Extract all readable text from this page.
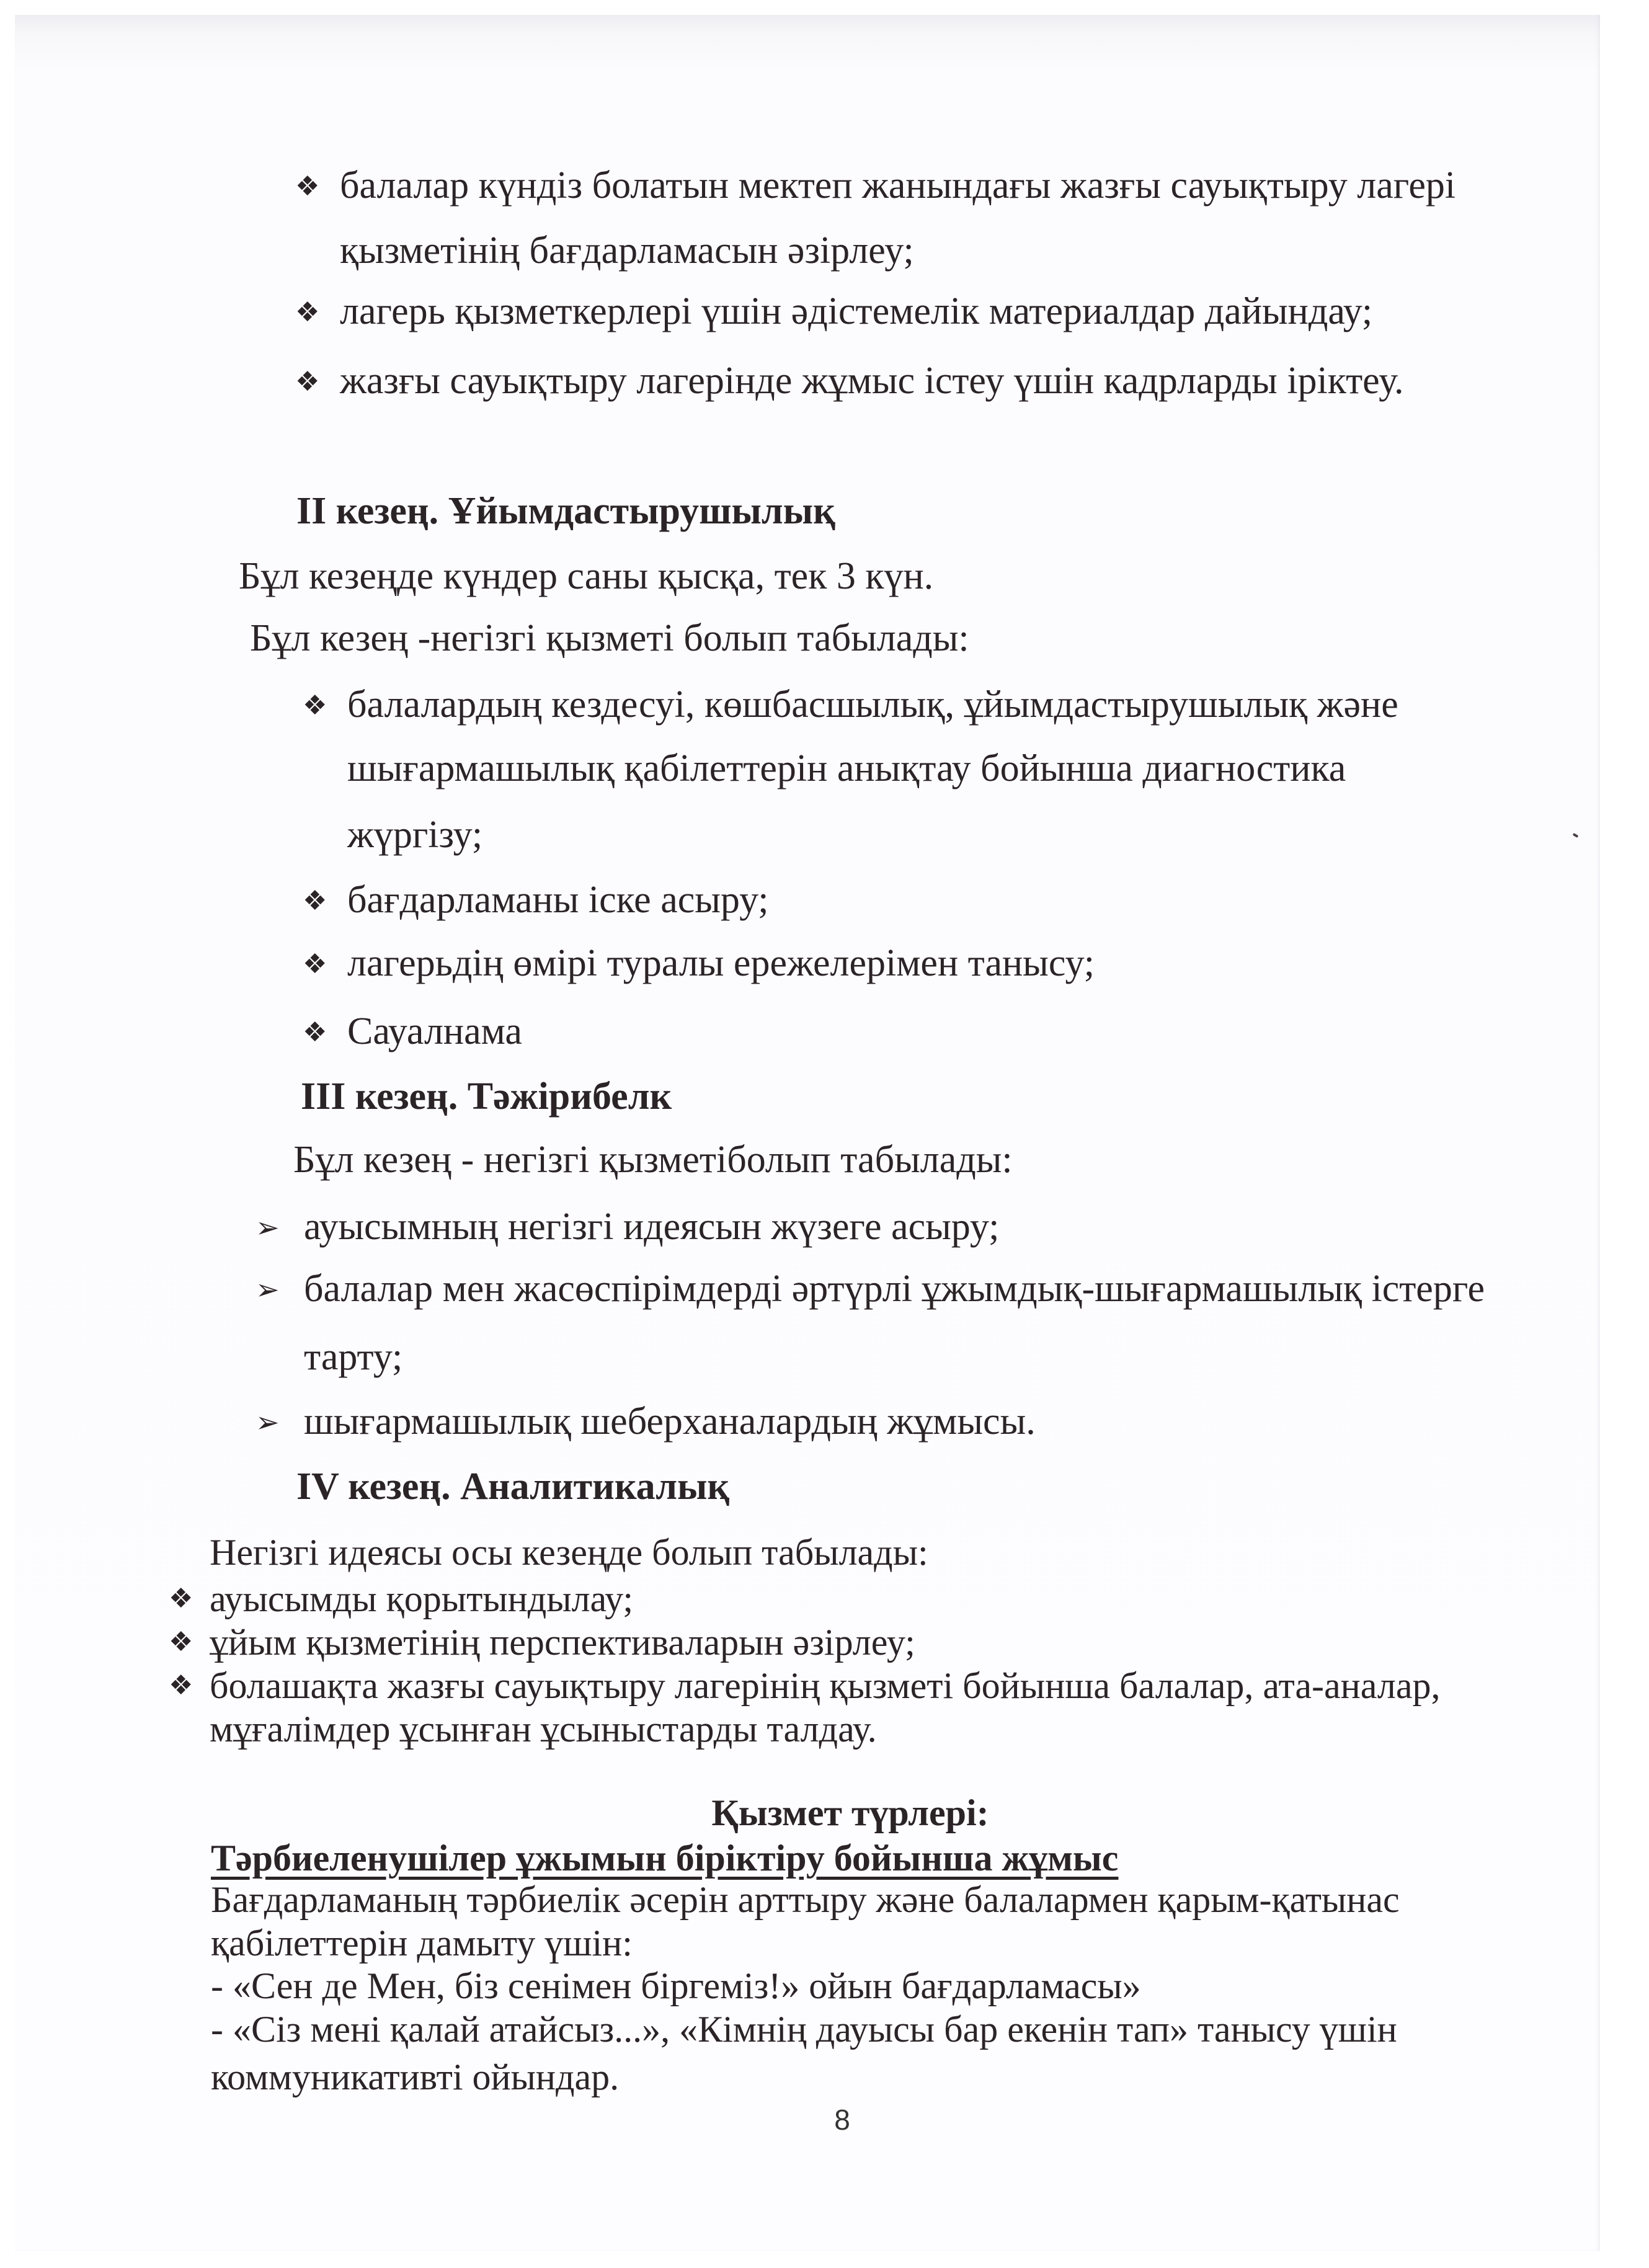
❖ балалар күндіз болатын мектеп жанындағы жазғы сауықтыру лагері
қызметінің бағдарламасын әзірлеу;
❖ лагерь қызметкерлері үшін әдістемелік материалдар дайындау;
❖ жазғы сауықтыру лагерінде жұмыс істеу үшін кадрларды іріктеу.
ІІ кезең. Ұйымдастырушылық
Бұл кезеңде күндер саны қысқа, тек 3 күн.
Бұл кезең -негізгі қызметі болып табылады:
❖ балалардың кездесуі, көшбасшылық, ұйымдастырушылық және
шығармашылық қабілеттерін анықтау бойынша диагностика
жүргізу;
❖ бағдарламаны іске асыру;
❖ лагерьдің өмірі туралы ережелерімен танысу;
❖ Сауалнама
ІІІ кезең. Тәжірибелк
Бұл кезең - негізгі қызметіболып табылады:
➢ ауысымның негізгі идеясын жүзеге асыру;
➢ балалар мен жасөспірімдерді әртүрлі ұжымдық-шығармашылық істерге
тарту;
➢ шығармашылық шеберханалардың жұмысы.
IV кезең. Аналитикалық
Негізгі идеясы осы кезеңде болып табылады:
❖ ауысымды қорытындылау;
❖ ұйым қызметінің перспективаларын әзірлеу;
❖ болашақта жазғы сауықтыру лагерінің қызметі бойынша балалар, ата-аналар,
мұғалімдер ұсынған ұсыныстарды талдау.
Қызмет түрлері:
Тәрбиеленушілер ұжымын біріктіру бойынша жұмыс
Бағдарламаның тәрбиелік әсерін арттыру және балалармен қарым-қатынас
қабілеттерін дамыту үшін:
- «Сен де Мен, біз сенімен біргеміз!» ойын бағдарламасы»
- «Сіз мені қалай атайсыз...», «Кімнің дауысы бар екенін тап» танысу үшін
коммуникативті ойындар.
8
